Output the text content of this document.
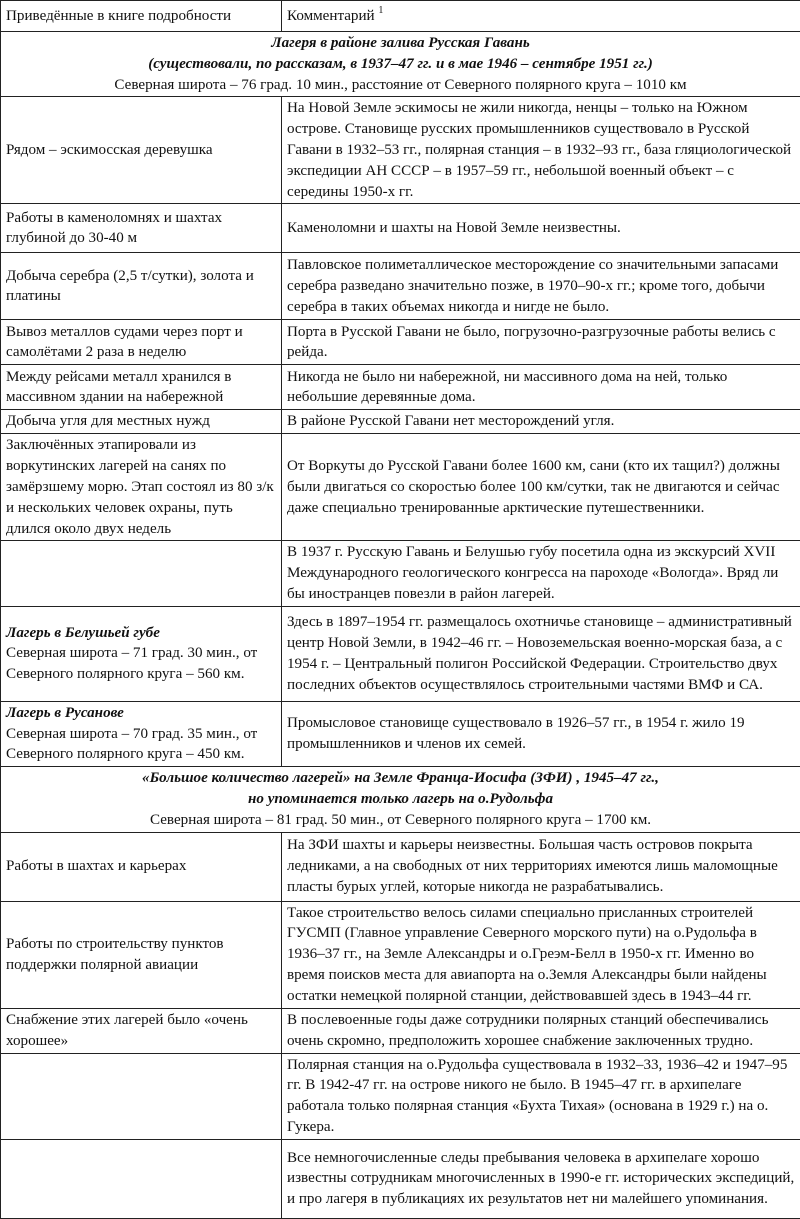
Приведённые в книге подробности	Комментарий $^1$

Лагеря в районе залива Русская Гавань
(существовали, по рассказам, в 1937–47 гг. и в мае 1946 – сентябре 1951 гг.)
Северная широта – 76 град. 10 мин., расстояние от Северного полярного круга – 1010 км	

Рядом – эскимосская деревушка	На Новой Земле эскимосы не жили никогда, ненцы – только на Южном острове. Становище русских промышленников существовало в Русской Гавани в 1932–53 гг., полярная станция – в 1932–93 гг., база гляциологической экспедиции АН СССР – в 1957–59 гг., небольшой военный объект – с середины 1950-х гг.
Работы в каменоломнях и шахтах глубиной до 30-40 м	Каменоломни и шахты на Новой Земле неизвестны.
Добыча серебра (2,5 т/сутки), золота и платины	Павловское полиметаллическое месторождение со значительными запасами серебра разведано значительно позже, в 1970–90-х гг.; кроме того, добычи серебра в таких объемах никогда и нигде не было.
Вывоз металлов судами через порт и самолётами 2 раза в неделю	Порта в Русской Гавани не было, погрузочно-разгрузочные работы велись с рейда.
Между рейсами металл хранился в массивном здании на набережной	Никогда не было ни набережной, ни массивного дома на ней, только небольшие деревянные дома.
Добыча угля для местных нужд	В районе Русской Гавани нет месторождений угля.
Заключённых этапировали из воркутинских лагерей на санях по замёрзшему морю. Этап состоял из 80 з/к и нескольких человек охраны, путь длился около двух недель	От Воркуты до Русской Гавани более 1600 км, сани (кто их тащил?) должны были двигаться со скоростью более 100 км/сутки, так не двигаются и сейчас даже специально тренированные арктические путешественники.
	В 1937 г. Русскую Гавань и Белушью губу посетила одна из экскурсий XVII Международного геологического конгресса на пароходе «Вологда». Вряд ли бы иностранцев повезли в район лагерей.

Лагерь в Белушьей губе
Северная широта – 71 град. 30 мин., от Северного полярного круга – 560 км.	Здесь в 1897–1954 гг. размещалось охотничье становище – административный центр Новой Земли, в 1942–46 гг. – Новоземельская военно-морская база, а с 1954 г. – Центральный полигон Российской Федерации. Строительство двух последних объектов осуществлялось строительными частями ВМФ и СА.

Лагерь в Русанове
Северная широта – 70 град. 35 мин., от Северного полярного круга – 450 км.	Промысловое становище существовало в 1926–57 гг., в 1954 г. жило 19 промышленников и членов их семей.

«Большое количество лагерей» на Земле Франца-Иосифа (ЗФИ) , 1945–47 гг.,
но упоминается только лагерь на о.Рудольфа
Северная широта – 81 град. 50 мин., от Северного полярного круга – 1700 км.	

Работы в шахтах и карьерах	На ЗФИ шахты и карьеры неизвестны. Большая часть островов покрыта ледниками, а на свободных от них территориях имеются лишь маломощные пласты бурых углей, которые никогда не разрабатывались.
Работы по строительству пунктов поддержки полярной авиации	Такое строительство велось силами специально присланных строителей ГУСМП (Главное управление Северного морского пути) на о.Рудольфа в 1936–37 гг., на Земле Александры и о.Греэм-Белл в 1950-х гг. Именно во время поисков места для авиапорта на о.Земля Александры были найдены остатки немецкой полярной станции, действовавшей здесь в 1943–44 гг.
Снабжение этих лагерей было «очень хорошее»	В послевоенные годы даже сотрудники полярных станций обеспечивались очень скромно, предположить хорошее снабжение заключенных трудно.
	Полярная станция на о.Рудольфа существовала в 1932–33, 1936–42 и 1947–95 гг. В 1942-47 гг. на острове никого не было. В 1945–47 гг. в архипелаге работала только полярная станция «Бухта Тихая» (основана в 1929 г.) на о. Гукера.
	Все немногочисленные следы пребывания человека в архипелаге хорошо известны сотрудникам многочисленных в 1990-е гг. исторических экспедиций, и про лагеря в публикациях их результатов нет ни малейшего упоминания.
